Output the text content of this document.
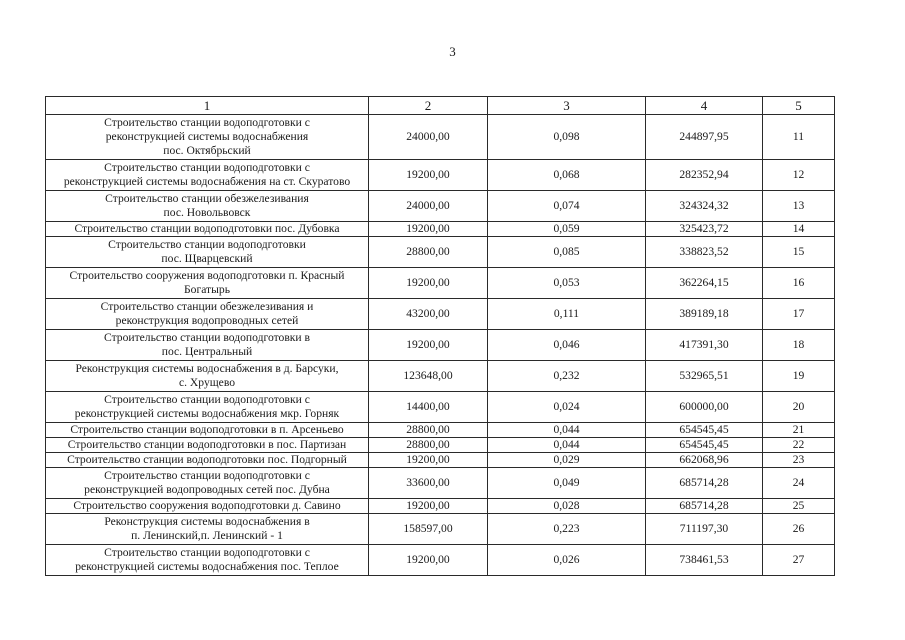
3
1	2	3	4	5
Строительство станции водоподготовки с
реконструкцией системы водоснабжения
пос. Октябрьский	24000,00	0,098	244897,95	11
Строительство станции водоподготовки с
реконструкцией системы водоснабжения на ст. Скуратово	19200,00	0,068	282352,94	12
Строительство станции обезжелезивания
пос. Новольвовск	24000,00	0,074	324324,32	13
Строительство станции водоподготовки пос. Дубовка	19200,00	0,059	325423,72	14
Строительство станции водоподготовки
пос. Щварцевский	28800,00	0,085	338823,52	15
Строительство сооружения водоподготовки п. Красный
Богатырь	19200,00	0,053	362264,15	16
Строительство станции обезжелезивания и
реконструкция водопроводных сетей	43200,00	0,111	389189,18	17
Строительство станции водоподготовки в
пос. Центральный	19200,00	0,046	417391,30	18
Реконструкция системы водоснабжения в д. Барсуки,
с. Хрущево	123648,00	0,232	532965,51	19
Строительство станции водоподготовки с
реконструкцией системы водоснабжения мкр. Горняк	14400,00	0,024	600000,00	20
Строительство станции водоподготовки в п. Арсеньево	28800,00	0,044	654545,45	21
Строительство станции водоподготовки в пос. Партизан	28800,00	0,044	654545,45	22
Строительство станции водоподготовки пос. Подгорный	19200,00	0,029	662068,96	23
Строительство станции водоподготовки с
реконструкцией водопроводных сетей пос. Дубна	33600,00	0,049	685714,28	24
Строительство сооружения водоподготовки д. Савино	19200,00	0,028	685714,28	25
Реконструкция системы водоснабжения в
п. Ленинский,п. Ленинский - 1	158597,00	0,223	711197,30	26
Строительство станции водоподготовки с
реконструкцией системы водоснабжения пос. Теплое	19200,00	0,026	738461,53	27
